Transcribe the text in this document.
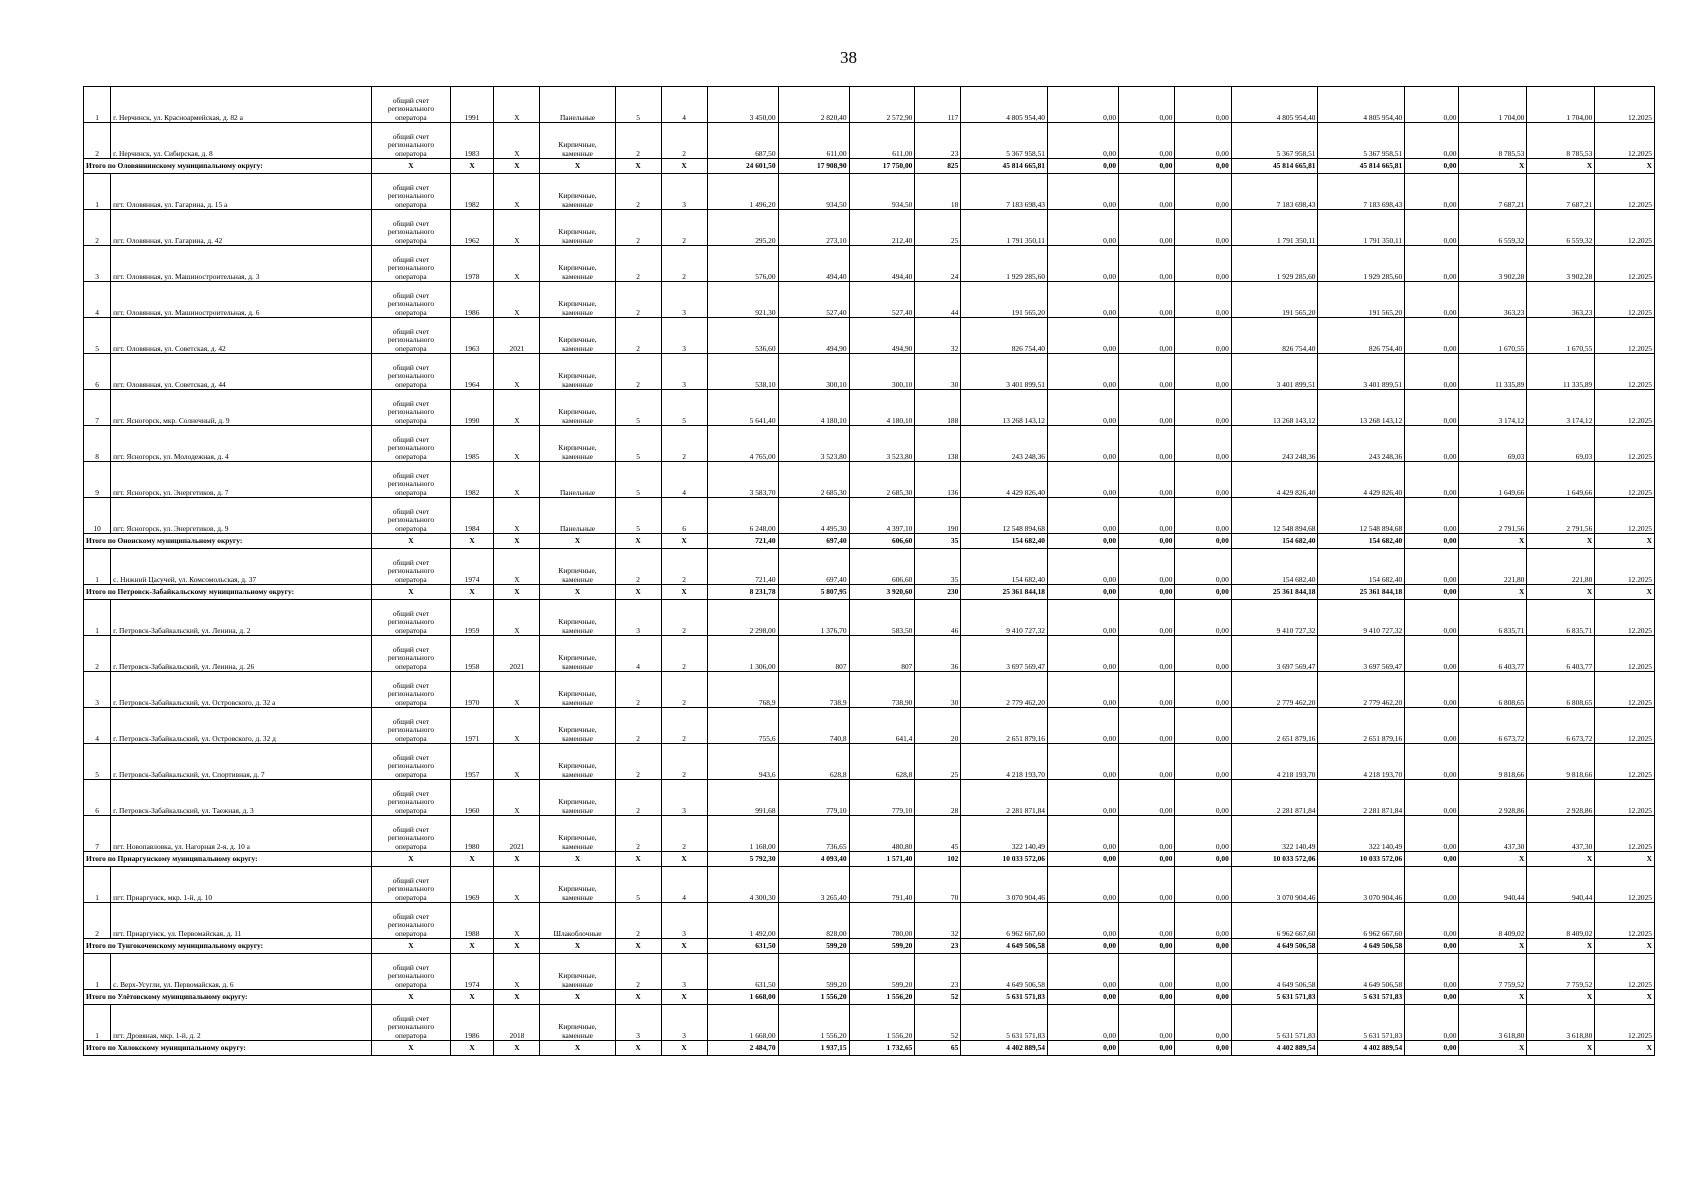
38
1	г. Нерчинск, ул. Красноармейская, д. 82 а	общий счет регионального оператора	1991	X	Панельные	5	4	3 450,00	2 820,40	2 572,90	117	4 805 954,40	0,00	0,00	0,00	4 805 954,40	4 805 954,40	0,00	1 704,00	1 704,00	12.2025
2	г. Нерчинск, ул. Сибирская, д. 8	общий счет регионального оператора	1983	X	Кирпичные, каменные	2	2	687,50	611,00	611,00	23	5 367 958,51	0,00	0,00	0,00	5 367 958,51	5 367 958,51	0,00	8 785,53	8 785,53	12.2025
Итого по Оловяннинскому муниципальному округу:		X	X	X	X	X	X	24 601,50	17 908,90	17 750,00	825	45 814 665,81	0,00	0,00	0,00	45 814 665,81	45 814 665,81	0,00	X	X	X
1	пгт. Оловянная, ул. Гагарина, д. 15 а	общий счет регионального оператора	1982	X	Кирпичные, каменные	2	3	1 496,20	934,50	934,50	18	7 183 698,43	0,00	0,00	0,00	7 183 698,43	7 183 698,43	0,00	7 687,21	7 687,21	12.2025
2	пгт. Оловянная, ул. Гагарина, д. 42	общий счет регионального оператора	1962	X	Кирпичные, каменные	2	2	295,20	273,10	212,40	25	1 791 350,11	0,00	0,00	0,00	1 791 350,11	1 791 350,11	0,00	6 559,32	6 559,32	12.2025
3	пгт. Оловянная, ул. Машиностроительная, д. 3	общий счет регионального оператора	1978	X	Кирпичные, каменные	2	2	576,00	494,40	494,40	24	1 929 285,60	0,00	0,00	0,00	1 929 285,60	1 929 285,60	0,00	3 902,28	3 902,28	12.2025
4	пгт. Оловянная, ул. Машиностроительная, д. 6	общий счет регионального оператора	1986	X	Кирпичные, каменные	2	3	921,30	527,40	527,40	44	191 565,20	0,00	0,00	0,00	191 565,20	191 565,20	0,00	363,23	363,23	12.2025
5	пгт. Оловянная, ул. Советская, д. 42	общий счет регионального оператора	1963	2021	Кирпичные, каменные	2	3	536,60	494,90	494,90	32	826 754,40	0,00	0,00	0,00	826 754,40	826 754,40	0,00	1 670,55	1 670,55	12.2025
6	пгт. Оловянная, ул. Советская, д. 44	общий счет регионального оператора	1964	X	Кирпичные, каменные	2	3	538,10	300,10	300,10	30	3 401 899,51	0,00	0,00	0,00	3 401 899,51	3 401 899,51	0,00	11 335,89	11 335,89	12.2025
7	пгт. Ясногорск, мкр. Солнечный, д. 9	общий счет регионального оператора	1990	X	Кирпичные, каменные	5	5	5 641,40	4 180,10	4 180,10	188	13 268 143,12	0,00	0,00	0,00	13 268 143,12	13 268 143,12	0,00	3 174,12	3 174,12	12.2025
8	пгт. Ясногорск, ул. Молодежная, д. 4	общий счет регионального оператора	1985	X	Кирпичные, каменные	5	2	4 765,00	3 523,80	3 523,80	138	243 248,36	0,00	0,00	0,00	243 248,36	243 248,36	0,00	69,03	69,03	12.2025
9	пгт. Ясногорск, ул. Энергетиков, д. 7	общий счет регионального оператора	1982	X	Панельные	5	4	3 583,70	2 685,30	2 685,30	136	4 429 826,40	0,00	0,00	0,00	4 429 826,40	4 429 826,40	0,00	1 649,66	1 649,66	12.2025
10	пгт. Ясногорск, ул. Энергетиков, д. 9	общий счет регионального оператора	1984	X	Панельные	5	6	6 248,00	4 495,30	4 397,10	190	12 548 894,68	0,00	0,00	0,00	12 548 894,68	12 548 894,68	0,00	2 791,56	2 791,56	12.2025
Итого по Ононскому муниципальному округу:		X	X	X	X	X	X	721,40	697,40	606,60	35	154 682,40	0,00	0,00	0,00	154 682,40	154 682,40	0,00	X	X	X
1	с. Нижний Цасучей, ул. Комсомольская, д. 37	общий счет регионального оператора	1974	X	Кирпичные, каменные	2	2	721,40	697,40	606,60	35	154 682,40	0,00	0,00	0,00	154 682,40	154 682,40	0,00	221,80	221,80	12.2025
Итого по Петровск-Забайкальскому муниципальному округу:		X	X	X	X	X	X	8 231,78	5 807,95	3 920,60	230	25 361 844,18	0,00	0,00	0,00	25 361 844,18	25 361 844,18	0,00	X	X	X
1	г. Петровск-Забайкальский, ул. Ленина, д. 2	общий счет регионального оператора	1959	X	Кирпичные, каменные	3	2	2 298,00	1 376,70	583,50	46	9 410 727,32	0,00	0,00	0,00	9 410 727,32	9 410 727,32	0,00	6 835,71	6 835,71	12.2025
2	г. Петровск-Забайкальский, ул. Ленина, д. 26	общий счет регионального оператора	1958	2021	Кирпичные, каменные	4	2	1 306,00	807	807	36	3 697 569,47	0,00	0,00	0,00	3 697 569,47	3 697 569,47	0,00	6 403,77	6 403,77	12.2025
3	г. Петровск-Забайкальский, ул. Островского, д. 32 а	общий счет регионального оператора	1970	X	Кирпичные, каменные	2	2	768,9	738,9	738,90	30	2 779 462,20	0,00	0,00	0,00	2 779 462,20	2 779 462,20	0,00	6 808,65	6 808,65	12.2025
4	г. Петровск-Забайкальский, ул. Островского, д. 32 д	общий счет регионального оператора	1971	X	Кирпичные, каменные	2	2	755,6	740,8	641,4	20	2 651 879,16	0,00	0,00	0,00	2 651 879,16	2 651 879,16	0,00	6 673,72	6 673,72	12.2025
5	г. Петровск-Забайкальский, ул. Спортивная, д. 7	общий счет регионального оператора	1957	X	Кирпичные, каменные	2	2	943,6	628,8	628,8	25	4 218 193,70	0,00	0,00	0,00	4 218 193,70	4 218 193,70	0,00	9 818,66	9 818,66	12.2025
6	г. Петровск-Забайкальский, ул. Таежная, д. 3	общий счет регионального оператора	1960	X	Кирпичные, каменные	2	3	991,68	779,10	779,10	28	2 281 871,84	0,00	0,00	0,00	2 281 871,84	2 281 871,84	0,00	2 928,86	2 928,86	12.2025
7	пгт. Новопавловка, ул. Нагорная 2-я, д. 10 а	общий счет регионального оператора	1980	2021	Кирпичные, каменные	2	2	1 168,00	736,65	480,80	45	322 140,49	0,00	0,00	0,00	322 140,49	322 140,49	0,00	437,30	437,30	12.2025
Итого по Приаргунскому муниципальному округу:		X	X	X	X	X	X	5 792,30	4 093,40	1 571,40	102	10 033 572,06	0,00	0,00	0,00	10 033 572,06	10 033 572,06	0,00	X	X	X
1	пгт. Приаргунск, мкр. 1-й, д. 10	общий счет регионального оператора	1969	X	Кирпичные, каменные	5	4	4 300,30	3 265,40	791,40	70	3 070 904,46	0,00	0,00	0,00	3 070 904,46	3 070 904,46	0,00	940,44	940,44	12.2025
2	пгт. Приаргунск, ул. Первомайская, д. 11	общий счет регионального оператора	1988	X	Шлакоблочные	2	3	1 492,00	828,00	780,00	32	6 962 667,60	0,00	0,00	0,00	6 962 667,60	6 962 667,60	0,00	8 409,02	8 409,02	12.2025
Итого по Тунгокоченскому муниципальному округу:		X	X	X	X	X	X	631,50	599,20	599,20	23	4 649 506,58	0,00	0,00	0,00	4 649 506,58	4 649 506,58	0,00	X	X	X
1	с. Верх-Усугли, ул. Первомайская, д. 6	общий счет регионального оператора	1974	X	Кирпичные, каменные	2	3	631,50	599,20	599,20	23	4 649 506,58	0,00	0,00	0,00	4 649 506,58	4 649 506,58	0,00	7 759,52	7 759,52	12.2025
Итого по Улётовскому муниципальному округу:		X	X	X	X	X	X	1 668,00	1 556,20	1 556,20	52	5 631 571,83	0,00	0,00	0,00	5 631 571,83	5 631 571,83	0,00	X	X	X
1	пгт. Дровяная, мкр. 1-й, д. 2	общий счет регионального оператора	1986	2018	Кирпичные, каменные	3	3	1 668,00	1 556,20	1 556,20	52	5 631 571,83	0,00	0,00	0,00	5 631 571,83	5 631 571,83	0,00	3 618,80	3 618,80	12.2025
Итого по Хилокскому муниципальному округу:		X	X	X	X	X	X	2 484,70	1 937,15	1 732,65	65	4 402 889,54	0,00	0,00	0,00	4 402 889,54	4 402 889,54	0,00	X	X	X
